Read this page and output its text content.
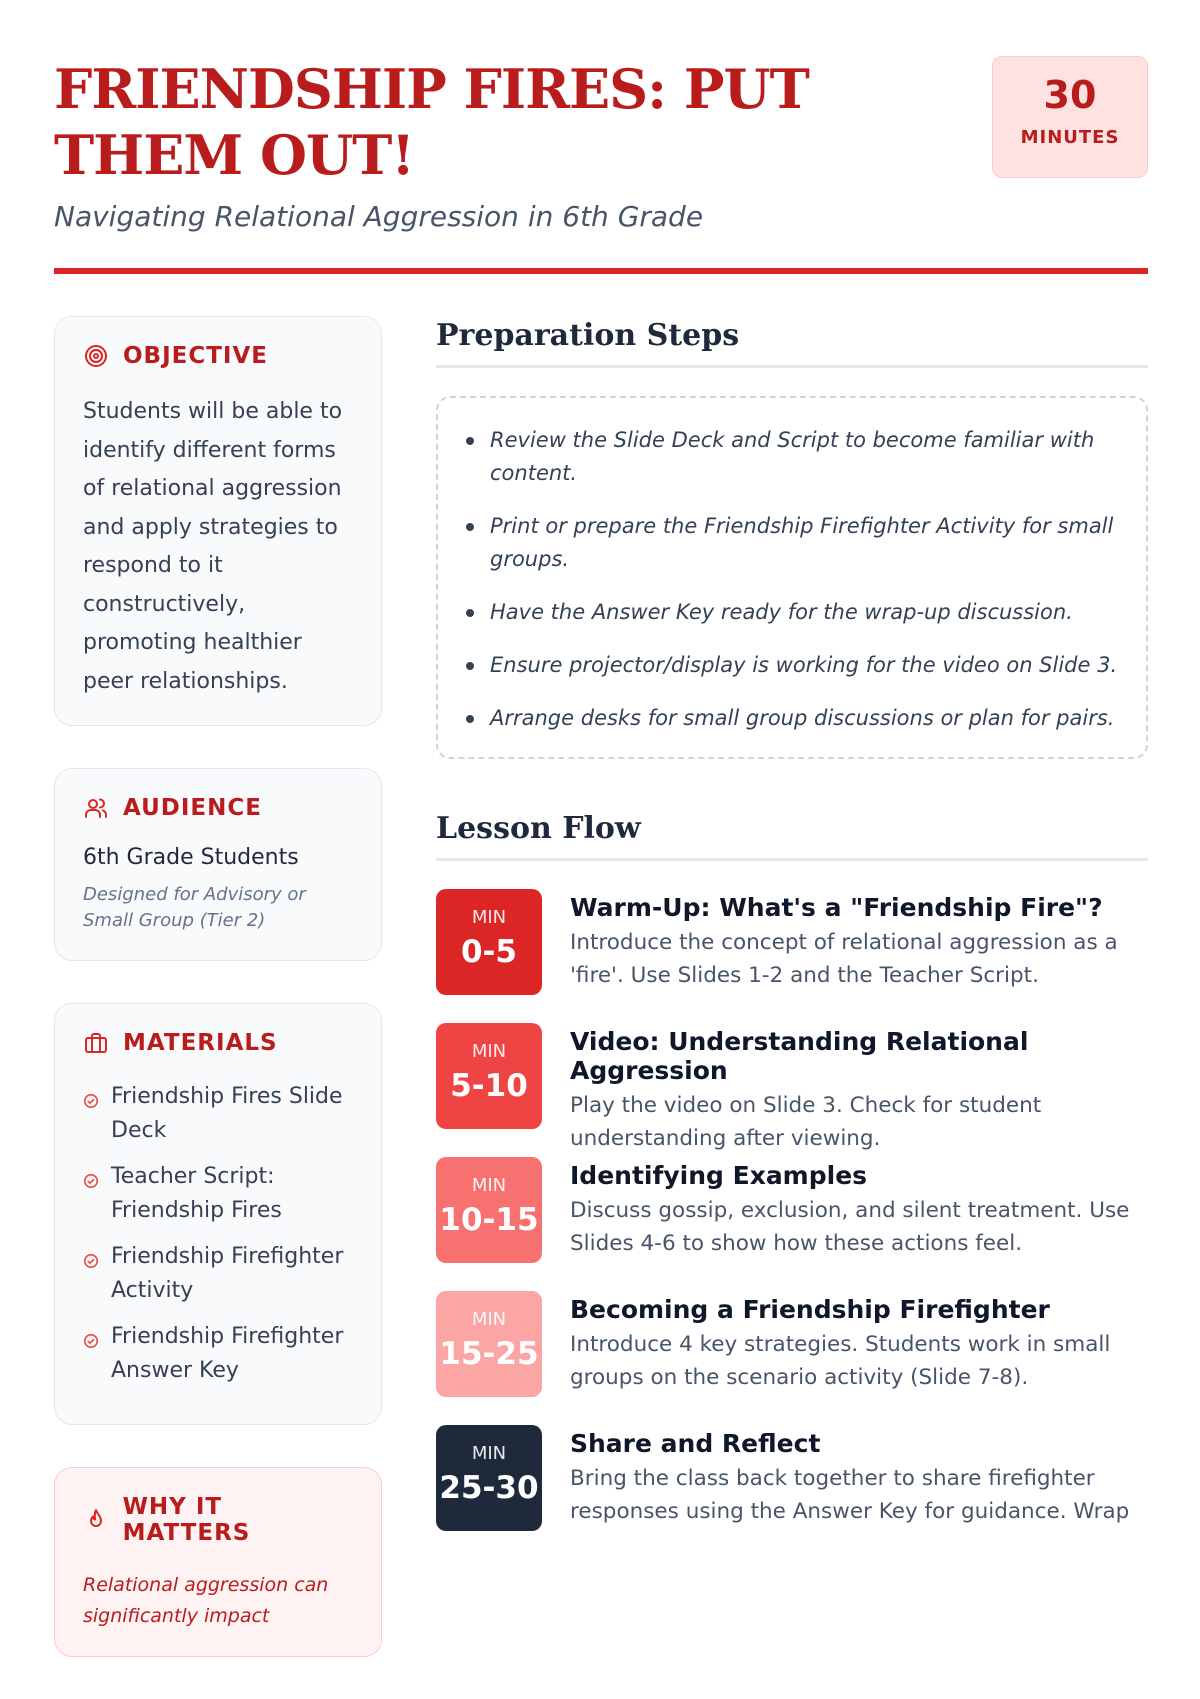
FRIENDSHIP FIRES: PUT THEM OUT!
Navigating Relational Aggression in 6th Grade
30
MINUTES
OBJECTIVE
Students will be able to identify different forms of relational aggression and apply strategies to respond to it constructively, promoting healthier peer relationships.
AUDIENCE
6th Grade Students
Designed for Advisory or Small Group (Tier 2)
MATERIALS
Friendship Fires Slide Deck
Teacher Script: Friendship Fires
Friendship Firefighter Activity
Friendship Firefighter Answer Key
WHY IT MATTERS
Relational aggression can significantly impact
Preparation Steps
Review the Slide Deck and Script to become familiar with content.
Print or prepare the Friendship Firefighter Activity for small groups.
Have the Answer Key ready for the wrap-up discussion.
Ensure projector/display is working for the video on Slide 3.
Arrange desks for small group discussions or plan for pairs.
Lesson Flow
MIN
0-5
Warm-Up: What's a "Friendship Fire"?
Introduce the concept of relational aggression as a 'fire'. Use Slides 1-2 and the Teacher Script.
MIN
5-10
Video: Understanding Relational Aggression
Play the video on Slide 3. Check for student understanding after viewing.
MIN
10-15
Identifying Examples
Discuss gossip, exclusion, and silent treatment. Use Slides 4-6 to show how these actions feel.
MIN
15-25
Becoming a Friendship Firefighter
Introduce 4 key strategies. Students work in small groups on the scenario activity (Slide 7-8).
MIN
25-30
Share and Reflect
Bring the class back together to share firefighter responses using the Answer Key for guidance. Wrap
